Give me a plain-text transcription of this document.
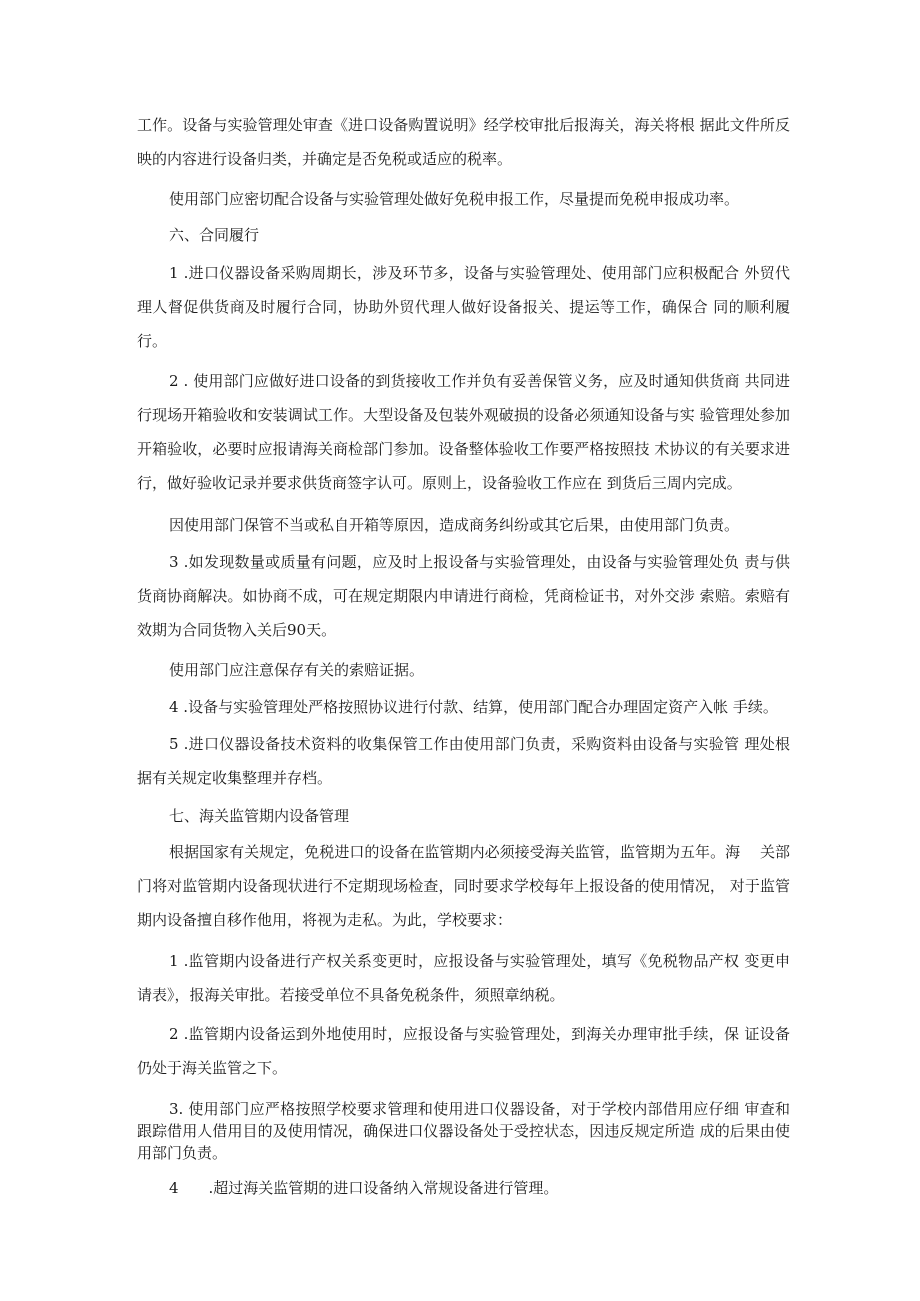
工作。设备与实验管理处审查《进口设备购置说明》经学校审批后报海关，海关将根 据此文件所反映的内容进行设备归类，并确定是否免税或适应的税率。

使用部门应密切配合设备与实验管理处做好免税申报工作，尽量提而免税申报成功率。

六、合同履行

1 .进口仪器设备采购周期长，涉及环节多，设备与实验管理处、使用部门应积极配合 外贸代理人督促供货商及时履行合同，协助外贸代理人做好设备报关、提运等工作，确保合 同的顺利履行。

2 . 使用部门应做好进口设备的到货接收工作并负有妥善保管义务，应及时通知供货商 共同进行现场开箱验收和安装调试工作。大型设备及包装外观破损的设备必须通知设备与实 验管理处参加开箱验收，必要时应报请海关商检部门参加。设备整体验收工作要严格按照技 术协议的有关要求进行，做好验收记录并要求供货商签字认可。原则上，设备验收工作应在 到货后三周内完成。

因使用部门保管不当或私自开箱等原因，造成商务纠纷或其它后果，由使用部门负责。

3 .如发现数量或质量有问题，应及时上报设备与实验管理处，由设备与实验管理处负 责与供货商协商解决。如协商不成，可在规定期限内申请进行商检，凭商检证书，对外交涉 索赔。索赔有效期为合同货物入关后90天。

使用部门应注意保存有关的索赔证据。

4 .设备与实验管理处严格按照协议进行付款、结算，使用部门配合办理固定资产入帐 手续。

5 .进口仪器设备技术资料的收集保管工作由使用部门负责，采购资料由设备与实验管 理处根据有关规定收集整理并存档。

七、海关监管期内设备管理

根据国家有关规定，免税进口的设备在监管期内必须接受海关监管，监管期为五年。海　 关部门将对监管期内设备现状进行不定期现场检查，同时要求学校每年上报设备的使用情况， 对于监管期内设备擅自移作他用，将视为走私。为此，学校要求：

1 .监管期内设备进行产权关系变更时，应报设备与实验管理处，填写《免税物品产权 变更申请表》，报海关审批。若接受单位不具备免税条件，须照章纳税。

2 .监管期内设备运到外地使用时，应报设备与实验管理处，到海关办理审批手续，保 证设备仍处于海关监管之下。

3. 使用部门应严格按照学校要求管理和使用进口仪器设备，对于学校内部借用应仔细 审查和跟踪借用人借用目的及使用情况，确保进口仪器设备处于受控状态，因违反规定所造 成的后果由使用部门负责。

4　　.超过海关监管期的进口设备纳入常规设备进行管理。
